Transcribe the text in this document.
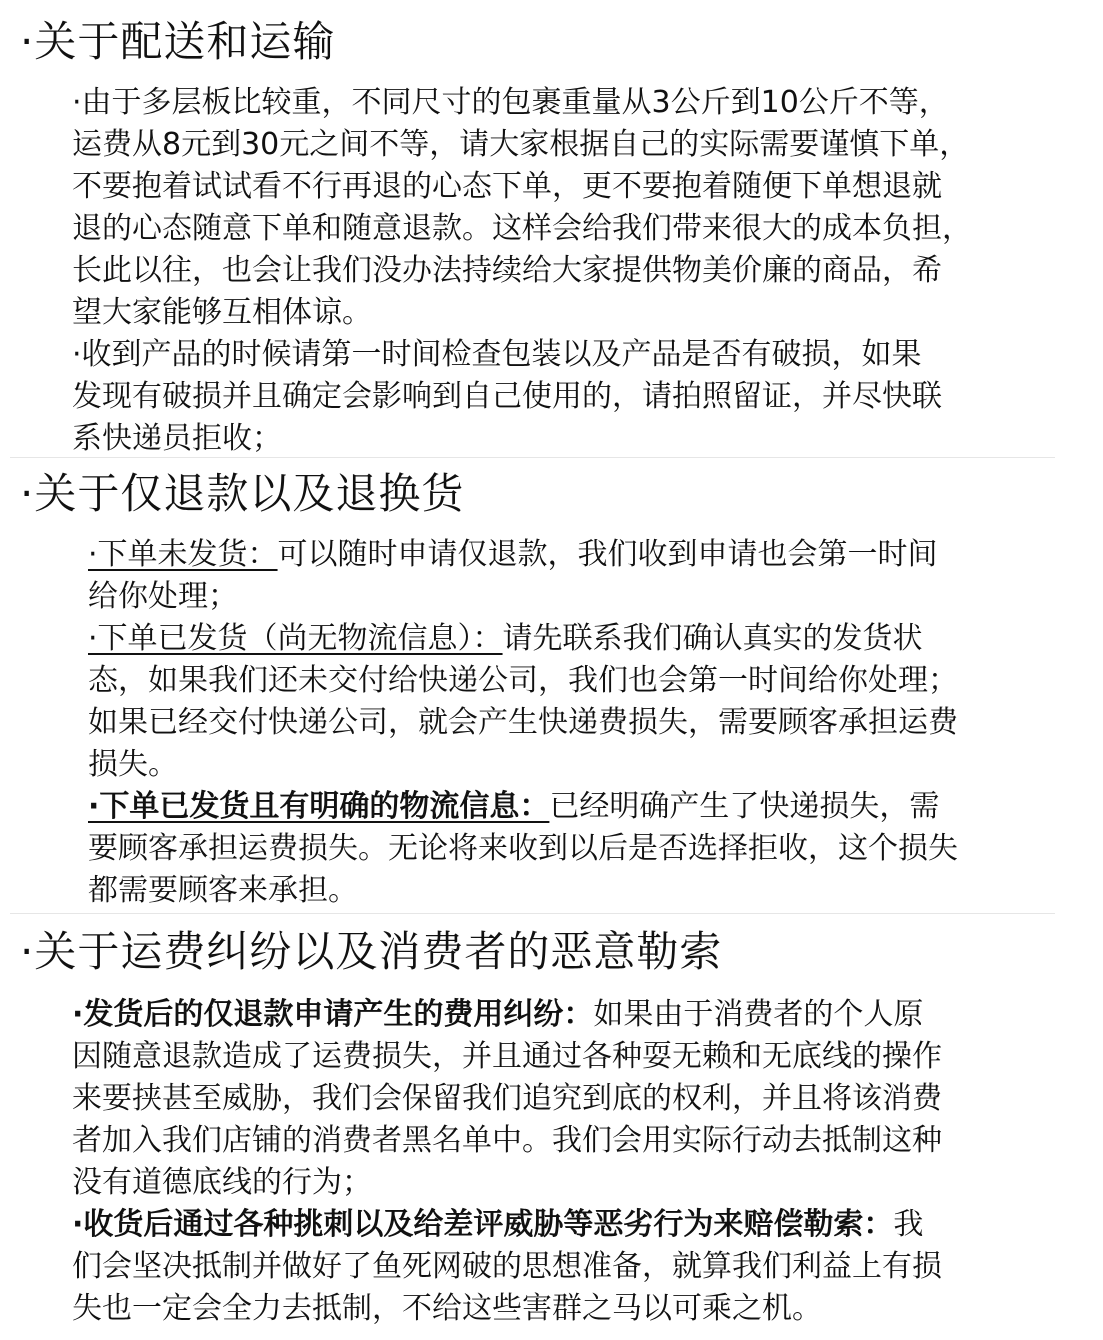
·关于配送和运输
·由于多层板比较重，不同尺寸的包裹重量从3公斤到10公斤不等，
运费从8元到30元之间不等，请大家根据自己的实际需要谨慎下单，
不要抱着试试看不行再退的心态下单，更不要抱着随便下单想退就
退的心态随意下单和随意退款。这样会给我们带来很大的成本负担，
长此以往，也会让我们没办法持续给大家提供物美价廉的商品，希
望大家能够互相体谅。
·收到产品的时候请第一时间检查包装以及产品是否有破损，如果
发现有破损并且确定会影响到自己使用的，请拍照留证，并尽快联
系快递员拒收；
·关于仅退款以及退换货
·下单未发货：可以随时申请仅退款，我们收到申请也会第一时间
给你处理；
·下单已发货（尚无物流信息）：请先联系我们确认真实的发货状
态，如果我们还未交付给快递公司，我们也会第一时间给你处理；
如果已经交付快递公司，就会产生快递费损失，需要顾客承担运费
损失。
·下单已发货且有明确的物流信息：已经明确产生了快递损失，需
要顾客承担运费损失。无论将来收到以后是否选择拒收，这个损失
都需要顾客来承担。
·关于运费纠纷以及消费者的恶意勒索
·发货后的仅退款申请产生的费用纠纷：如果由于消费者的个人原
因随意退款造成了运费损失，并且通过各种耍无赖和无底线的操作
来要挟甚至威胁，我们会保留我们追究到底的权利，并且将该消费
者加入我们店铺的消费者黑名单中。我们会用实际行动去抵制这种
没有道德底线的行为；
·收货后通过各种挑刺以及给差评威胁等恶劣行为来赔偿勒索：我
们会坚决抵制并做好了鱼死网破的思想准备，就算我们利益上有损
失也一定会全力去抵制，不给这些害群之马以可乘之机。
